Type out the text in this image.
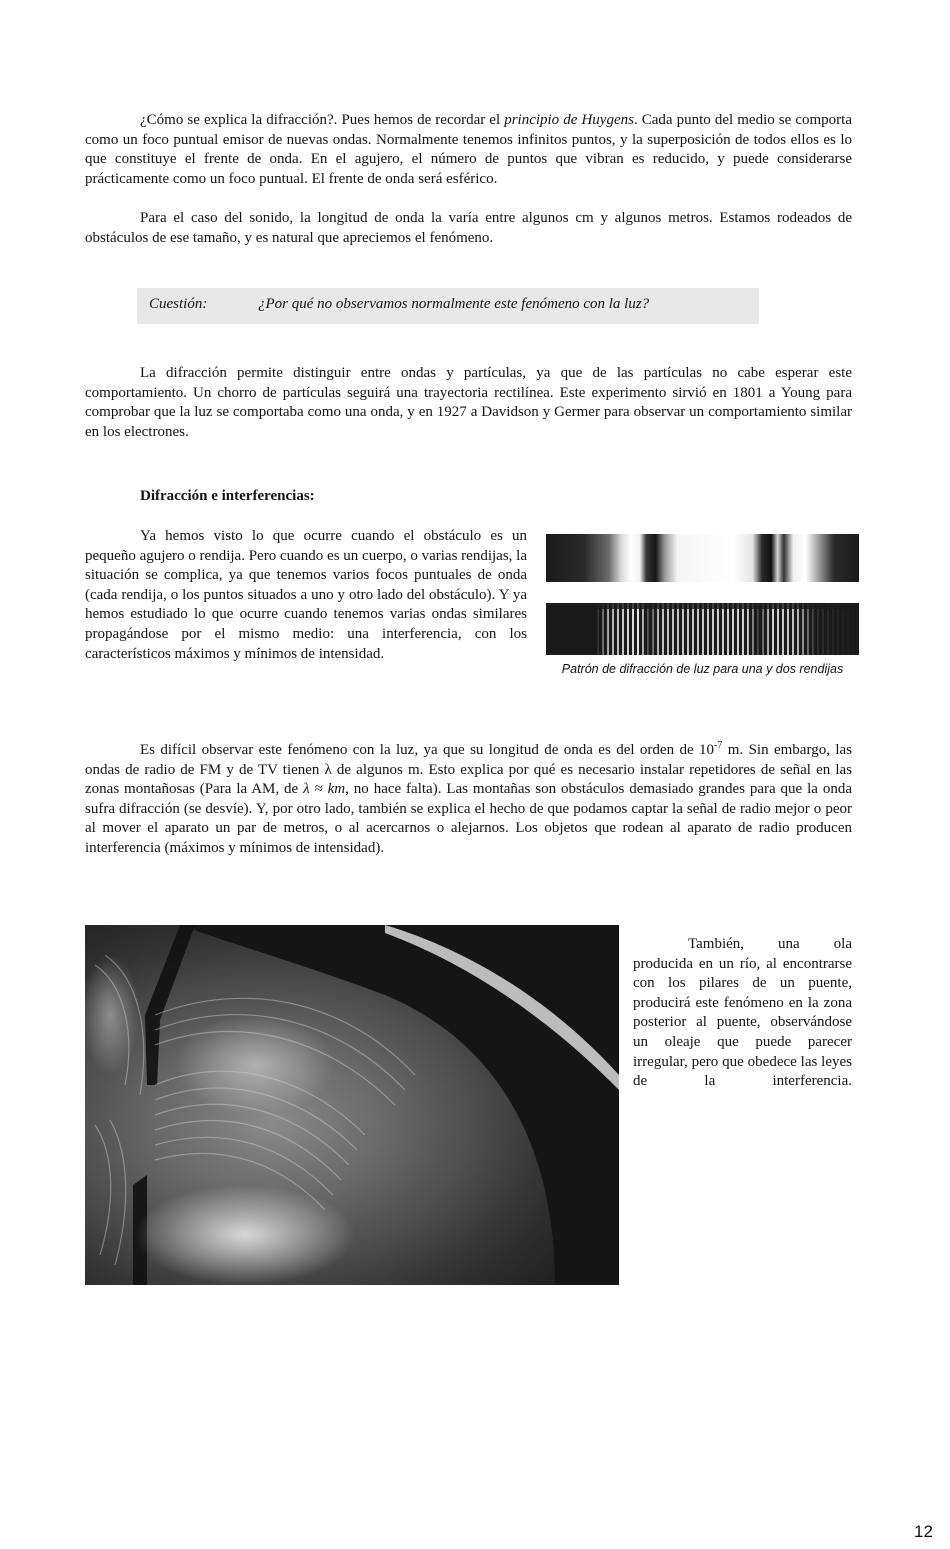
¿Cómo se explica la difracción?. Pues hemos de recordar el principio de Huygens. Cada punto del medio se comporta como un foco puntual emisor de nuevas ondas. Normalmente tenemos infinitos puntos, y la superposición de todos ellos es lo que constituye el frente de onda. En el agujero, el número de puntos que vibran es reducido, y puede considerarse prácticamente como un foco puntual. El frente de onda será esférico.

Para el caso del sonido, la longitud de onda la varía entre algunos cm y algunos metros. Estamos rodeados de obstáculos de ese tamaño, y es natural que apreciemos el fenómeno.

Cuestión:	¿Por qué no observamos normalmente este fenómeno con la luz?

La difracción permite distinguir entre ondas y partículas, ya que de las partículas no cabe esperar este comportamiento. Un chorro de partículas seguirá una trayectoria rectilínea. Este experimento sirvió en 1801 a Young para comprobar que la luz se comportaba como una onda, y en 1927 a Davidson y Germer para observar un comportamiento similar en los electrones.

Difracción e interferencias:

Ya hemos visto lo que ocurre cuando el obstáculo es un pequeño agujero o rendija. Pero cuando es un cuerpo, o varias rendijas, la situación se complica, ya que tenemos varios focos puntuales de onda (cada rendija, o los puntos situados a uno y otro lado del obstáculo). Y ya hemos estudiado lo que ocurre cuando tenemos varias ondas similares propagándose por el mismo medio: una interferencia, con los característicos máximos y mínimos de intensidad.

Patrón de difracción de luz para una y dos rendijas

Es difícil observar este fenómeno con la luz, ya que su longitud de onda es del orden de $10^{-7}$ m. Sin embargo, las ondas de radio de FM y de TV tienen λ de algunos m. Esto explica por qué es necesario instalar repetidores de señal en las zonas montañosas (Para la AM, de λ ≈ km, no hace falta). Las montañas son obstáculos demasiado grandes para que la onda sufra difracción (se desvíe). Y, por otro lado, también se explica el hecho de que podamos captar la señal de radio mejor o peor al mover el aparato un par de metros, o al acercarnos o alejarnos. Los objetos que rodean al aparato de radio producen interferencia (máximos y mínimos de intensidad).

También, una ola producida en un río, al encontrarse con los pilares de un puente, producirá este fenómeno en la zona posterior al puente, observándose un oleaje que puede parecer irregular, pero que obedece las leyes de la interferencia.

12
